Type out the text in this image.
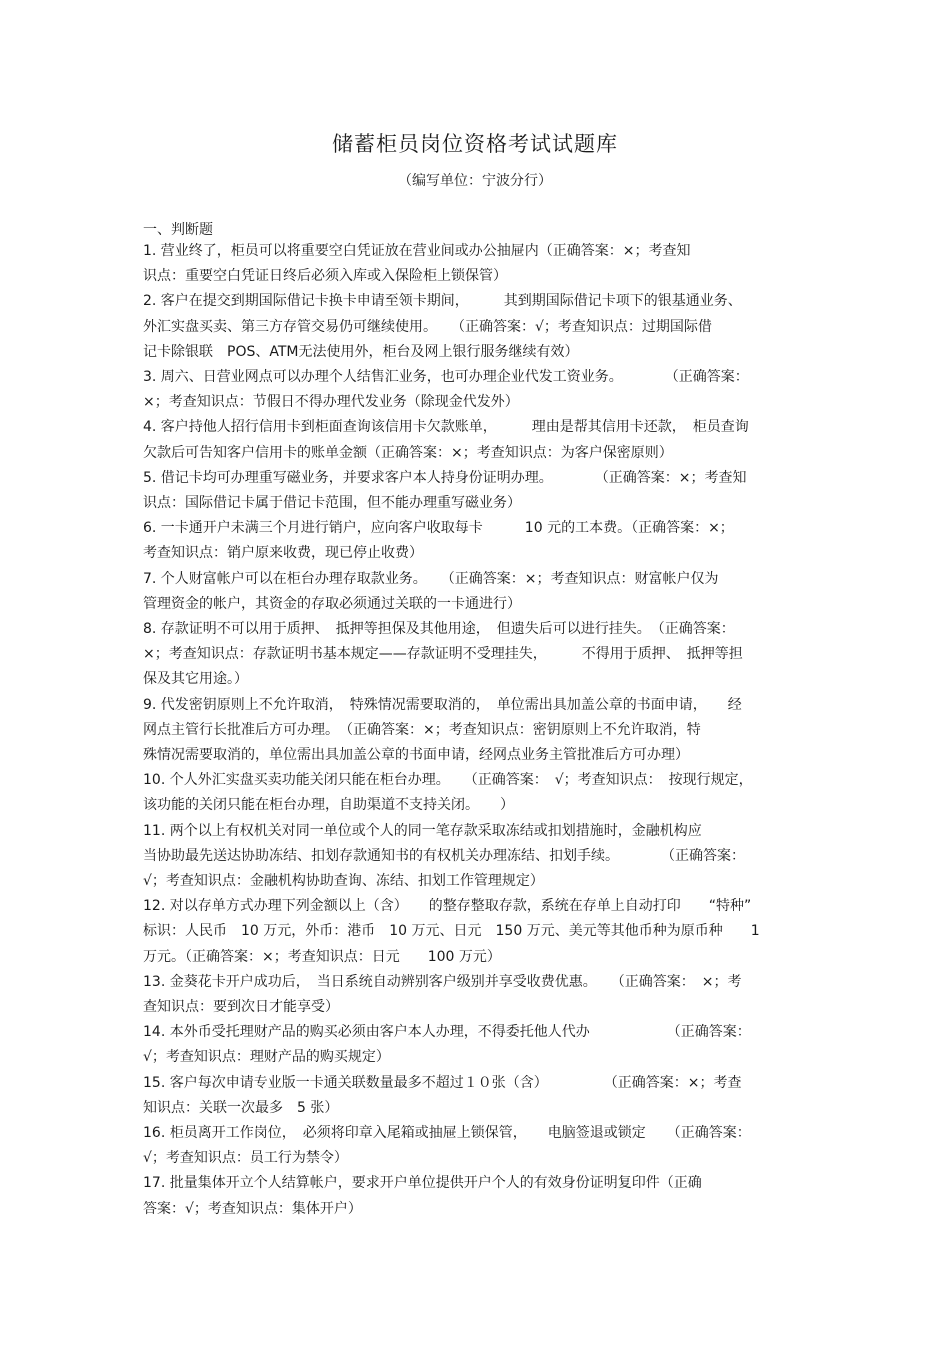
储蓄柜员岗位资格考试试题库
（编写单位：宁波分行）
一、判断题
1. 营业终了，柜员可以将重要空白凭证放在营业间或办公抽屉内（正确答案：×；考查知
识点：重要空白凭证日终后必须入库或入保险柜上锁保管）
2. 客户在提交到期国际借记卡换卡申请至领卡期间，　　　其到期国际借记卡项下的银基通业务、
外汇实盘买卖、第三方存管交易仍可继续使用。　　（正确答案：√；考查知识点：过期国际借
记卡除银联　POS、ATM无法使用外，柜台及网上银行服务继续有效）
3. 周六、日营业网点可以办理个人结售汇业务，也可办理企业代发工资业务。　　　　（正确答案：
×；考查知识点：节假日不得办理代发业务（除现金代发外）
4. 客户持他人招行信用卡到柜面查询该信用卡欠款账单，　　　理由是帮其信用卡还款，　柜员查询
欠款后可告知客户信用卡的账单金额（正确答案：×；考查知识点：为客户保密原则）
5. 借记卡均可办理重写磁业务，并要求客户本人持身份证明办理。　　　　（正确答案：×；考查知
识点：国际借记卡属于借记卡范围，但不能办理重写磁业务）
6. 一卡通开户未满三个月进行销户，应向客户收取每卡　　　10 元的工本费。（正确答案：×；
考查知识点：销户原来收费，现已停止收费）
7. 个人财富帐户可以在柜台办理存取款业务。　　（正确答案：×；考查知识点：财富帐户仅为
管理资金的帐户，其资金的存取必须通过关联的一卡通进行）
8. 存款证明不可以用于质押、　抵押等担保及其他用途，　但遗失后可以进行挂失。　（正确答案：
×；考查知识点：存款证明书基本规定——存款证明不受理挂失，　　　不得用于质押、　抵押等担
保及其它用途。）
9. 代发密钥原则上不允许取消，　特殊情况需要取消的，　单位需出具加盖公章的书面申请，　　经
网点主管行长批准后方可办理。　（正确答案：×；考查知识点：密钥原则上不允许取消，特
殊情况需要取消的，单位需出具加盖公章的书面申请，经网点业务主管批准后方可办理）
10. 个人外汇实盘买卖功能关闭只能在柜台办理。　　（正确答案：　√；考查知识点：　按现行规定，
该功能的关闭只能在柜台办理，自助渠道不支持关闭。　　）
11. 两个以上有权机关对同一单位或个人的同一笔存款采取冻结或扣划措施时，金融机构应
当协助最先送达协助冻结、扣划存款通知书的有权机关办理冻结、扣划手续。　　　　（正确答案：
√；考查知识点：金融机构协助查询、冻结、扣划工作管理规定）
12. 对以存单方式办理下列金额以上（含）　　的整存整取存款，系统在存单上自动打印　　“特种”
标识：人民币　10 万元，外币：港币　10 万元、日元　150 万元、美元等其他币种为原币种　　1
万元。（正确答案：×；考查知识点：日元　　100 万元）
13. 金葵花卡开户成功后，　当日系统自动辨别客户级别并享受收费优惠。　　（正确答案：　×；考
查知识点：要到次日才能享受）
14. 本外币受托理财产品的购买必须由客户本人办理，不得委托他人代办　　　　　　（正确答案：
√；考查知识点：理财产品的购买规定）
15. 客户每次申请专业版一卡通关联数量最多不超过１０张（含）　　　　　（正确答案：×；考查
知识点：关联一次最多　5 张）
16. 柜员离开工作岗位，　必须将印章入尾箱或抽屉上锁保管，　　电脑签退或锁定　　（正确答案：
√；考查知识点：员工行为禁令）
17. 批量集体开立个人结算帐户，要求开户单位提供开户个人的有效身份证明复印件（正确
答案：√；考查知识点：集体开户）
